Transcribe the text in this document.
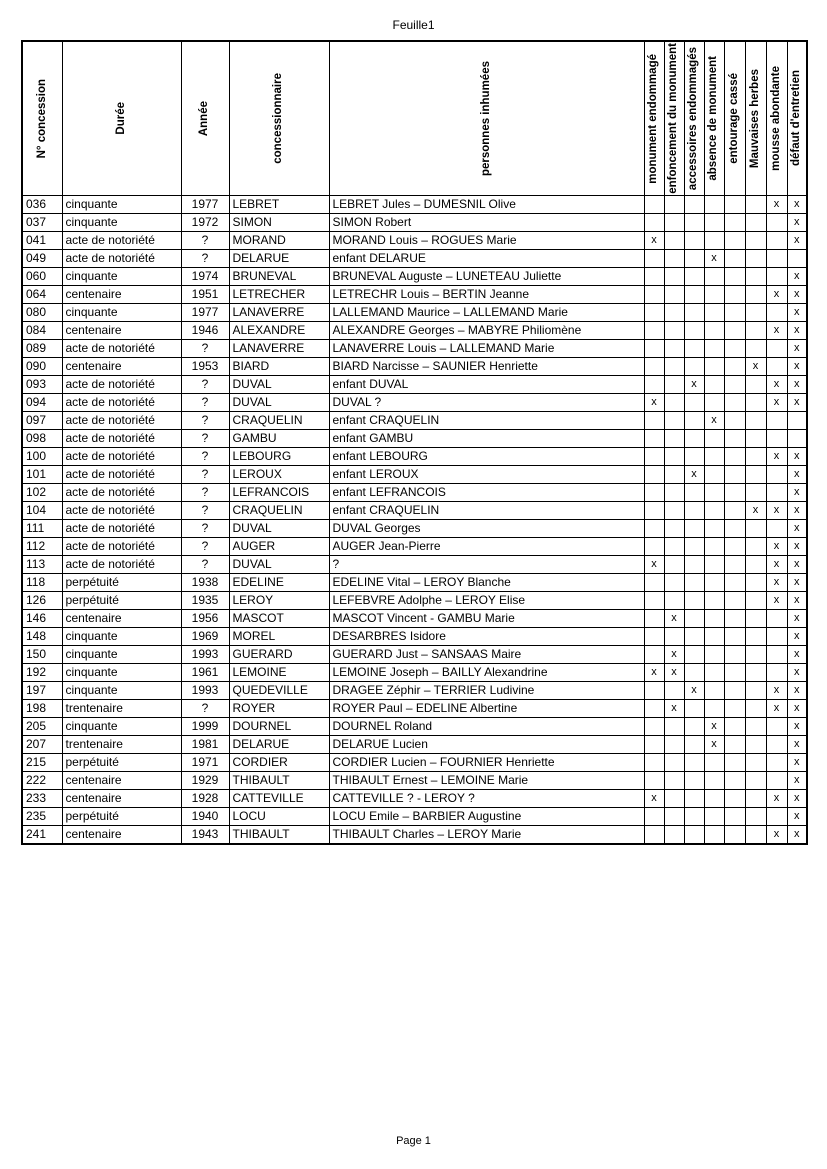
Feuille1
N° concession	Durée	Année	concessionnaire	personnes inhumées	monument endommagé	enfoncement du monument	accessoires endommagés	absence de monument	entourage cassé	Mauvaises herbes	mousse abondante	défaut d'entretien

036	cinquante	1977	LEBRET	LEBRET Jules – DUMESNIL Olive							x	x
037	cinquante	1972	SIMON	SIMON Robert								x
041	acte de notoriété	?	MORAND	MORAND Louis – ROGUES Marie	x							x
049	acte de notoriété	?	DELARUE	enfant DELARUE				x				
060	cinquante	1974	BRUNEVAL	BRUNEVAL Auguste – LUNETEAU Juliette								x
064	centenaire	1951	LETRECHER	LETRECHR Louis – BERTIN Jeanne							x	x
080	cinquante	1977	LANAVERRE	LALLEMAND Maurice – LALLEMAND Marie								x
084	centenaire	1946	ALEXANDRE	ALEXANDRE Georges – MABYRE Philiomène							x	x
089	acte de notoriété	?	LANAVERRE	LANAVERRE Louis – LALLEMAND Marie								x
090	centenaire	1953	BIARD	BIARD Narcisse – SAUNIER Henriette						x		x
093	acte de notoriété	?	DUVAL	enfant DUVAL			x				x	x
094	acte de notoriété	?	DUVAL	DUVAL ?	x						x	x
097	acte de notoriété	?	CRAQUELIN	enfant CRAQUELIN				x				
098	acte de notoriété	?	GAMBU	enfant GAMBU								
100	acte de notoriété	?	LEBOURG	enfant LEBOURG							x	x
101	acte de notoriété	?	LEROUX	enfant LEROUX			x					x
102	acte de notoriété	?	LEFRANCOIS	enfant LEFRANCOIS								x
104	acte de notoriété	?	CRAQUELIN	enfant CRAQUELIN						x	x	x
111	acte de notoriété	?	DUVAL	DUVAL Georges								x
112	acte de notoriété	?	AUGER	AUGER Jean-Pierre							x	x
113	acte de notoriété	?	DUVAL	?	x						x	x
118	perpétuité	1938	EDELINE	EDELINE Vital – LEROY Blanche							x	x
126	perpétuité	1935	LEROY	LEFEBVRE Adolphe – LEROY Elise							x	x
146	centenaire	1956	MASCOT	MASCOT Vincent - GAMBU Marie		x						x
148	cinquante	1969	MOREL	DESARBRES Isidore								x
150	cinquante	1993	GUERARD	GUERARD Just – SANSAAS Maire		x						x
192	cinquante	1961	LEMOINE	LEMOINE Joseph – BAILLY Alexandrine	x	x						x
197	cinquante	1993	QUEDEVILLE	DRAGEE Zéphir – TERRIER Ludivine			x				x	x
198	trentenaire	?	ROYER	ROYER Paul – EDELINE Albertine		x					x	x
205	cinquante	1999	DOURNEL	DOURNEL Roland				x				x
207	trentenaire	1981	DELARUE	DELARUE Lucien				x				x
215	perpétuité	1971	CORDIER	CORDIER Lucien – FOURNIER Henriette								x
222	centenaire	1929	THIBAULT	THIBAULT Ernest – LEMOINE Marie								x
233	centenaire	1928	CATTEVILLE	CATTEVILLE ? - LEROY ?	x						x	x
235	perpétuité	1940	LOCU	LOCU Emile – BARBIER Augustine								x
241	centenaire	1943	THIBAULT	THIBAULT Charles – LEROY Marie							x	x
Page 1
